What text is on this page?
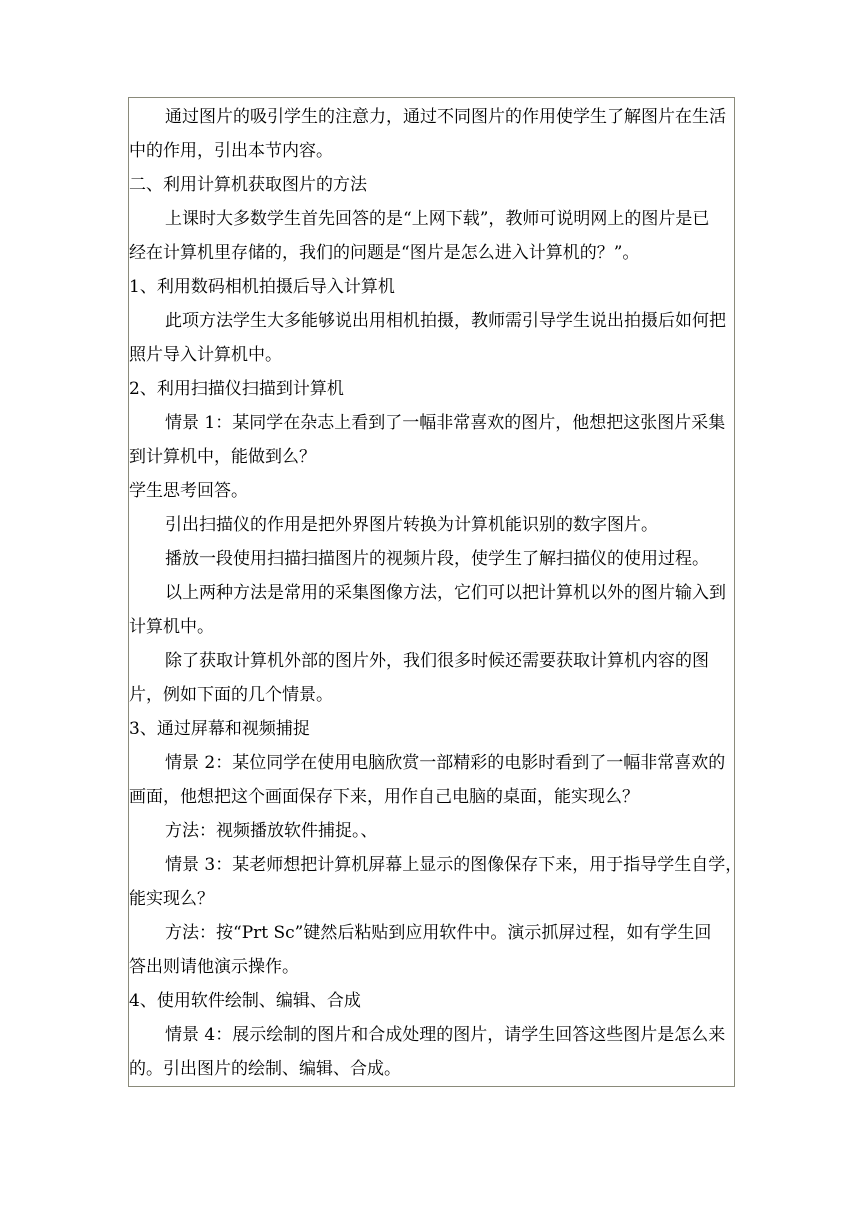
通过图片的吸引学生的注意力，通过不同图片的作用使学生了解图片在生活
中的作用，引出本节内容。
二、利用计算机获取图片的方法
上课时大多数学生首先回答的是“上网下载”，教师可说明网上的图片是已
经在计算机里存储的，我们的问题是“图片是怎么进入计算机的？”。
1、利用数码相机拍摄后导入计算机
此项方法学生大多能够说出用相机拍摄，教师需引导学生说出拍摄后如何把
照片导入计算机中。
2、利用扫描仪扫描到计算机
情景 1：某同学在杂志上看到了一幅非常喜欢的图片，他想把这张图片采集
到计算机中，能做到么？
学生思考回答。
引出扫描仪的作用是把外界图片转换为计算机能识别的数字图片。
播放一段使用扫描扫描图片的视频片段，使学生了解扫描仪的使用过程。
以上两种方法是常用的采集图像方法，它们可以把计算机以外的图片输入到
计算机中。
除了获取计算机外部的图片外，我们很多时候还需要获取计算机内容的图
片，例如下面的几个情景。
3、通过屏幕和视频捕捉
情景 2：某位同学在使用电脑欣赏一部精彩的电影时看到了一幅非常喜欢的
画面，他想把这个画面保存下来，用作自己电脑的桌面，能实现么？
方法：视频播放软件捕捉。、
情景 3：某老师想把计算机屏幕上显示的图像保存下来，用于指导学生自学，
能实现么？
方法：按“Prt Sc”键然后粘贴到应用软件中。演示抓屏过程，如有学生回
答出则请他演示操作。
4、使用软件绘制、编辑、合成
情景 4：展示绘制的图片和合成处理的图片，请学生回答这些图片是怎么来
的。引出图片的绘制、编辑、合成。
